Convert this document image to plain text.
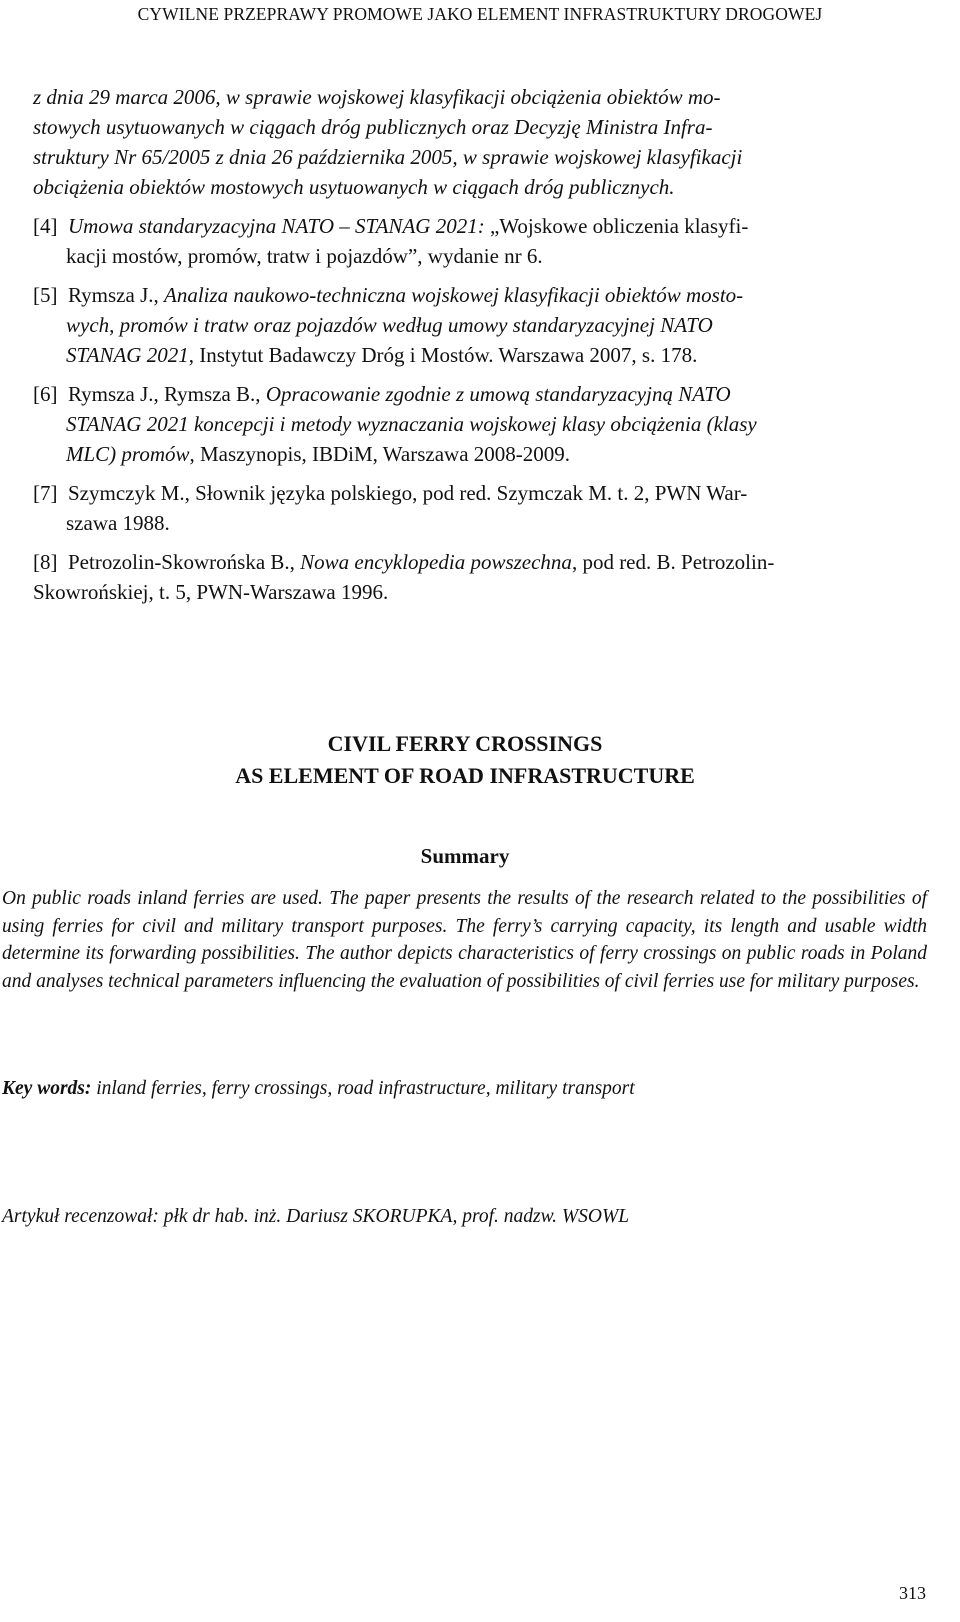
CYWILNE PRZEPRAWY PROMOWE JAKO ELEMENT INFRASTRUKTURY DROGOWEJ
z dnia 29 marca 2006, w sprawie wojskowej klasyfikacji obciążenia obiektów mo-
stowych usytuowanych w ciągach dróg publicznych oraz Decyzję Ministra Infra-
struktury Nr 65/2005 z dnia 26 października 2005, w sprawie wojskowej klasyfikacji
obciążenia obiektów mostowych usytuowanych w ciągach dróg publicznych.
[4] Umowa standaryzacyjna NATO – STANAG 2021: „Wojskowe obliczenia klasyfi-
kacji mostów, promów, tratw i pojazdów”, wydanie nr 6.
[5] Rymsza J., Analiza naukowo-techniczna wojskowej klasyfikacji obiektów mosto-
wych, promów i tratw oraz pojazdów według umowy standaryzacyjnej NATO
STANAG 2021, Instytut Badawczy Dróg i Mostów. Warszawa 2007, s. 178.
[6] Rymsza J., Rymsza B., Opracowanie zgodnie z umową standaryzacyjną NATO
STANAG 2021 koncepcji i metody wyznaczania wojskowej klasy obciążenia (klasy
MLC) promów, Maszynopis, IBDiM, Warszawa 2008-2009.
[7] Szymczyk M., Słownik języka polskiego, pod red. Szymczak M. t. 2, PWN War-
szawa 1988.
[8] Petrozolin-Skowrońska B., Nowa encyklopedia powszechna, pod red. B. Petrozolin-
Skowrońskiej, t. 5, PWN-Warszawa 1996.
CIVIL FERRY CROSSINGS
AS ELEMENT OF ROAD INFRASTRUCTURE
Summary
On public roads inland ferries are used. The paper presents the results of the research related to the possibilities of using ferries for civil and military transport purposes. The ferry’s carrying capacity, its length and usable width determine its forwarding possibilities. The author depicts characteristics of ferry crossings on public roads in Poland and analyses technical parameters influencing the evaluation of possibilities of civil ferries use for military purposes.
Key words: inland ferries, ferry crossings, road infrastructure, military transport
Artykuł recenzował: płk dr hab. inż. Dariusz SKORUPKA, prof. nadzw. WSOWL
313
